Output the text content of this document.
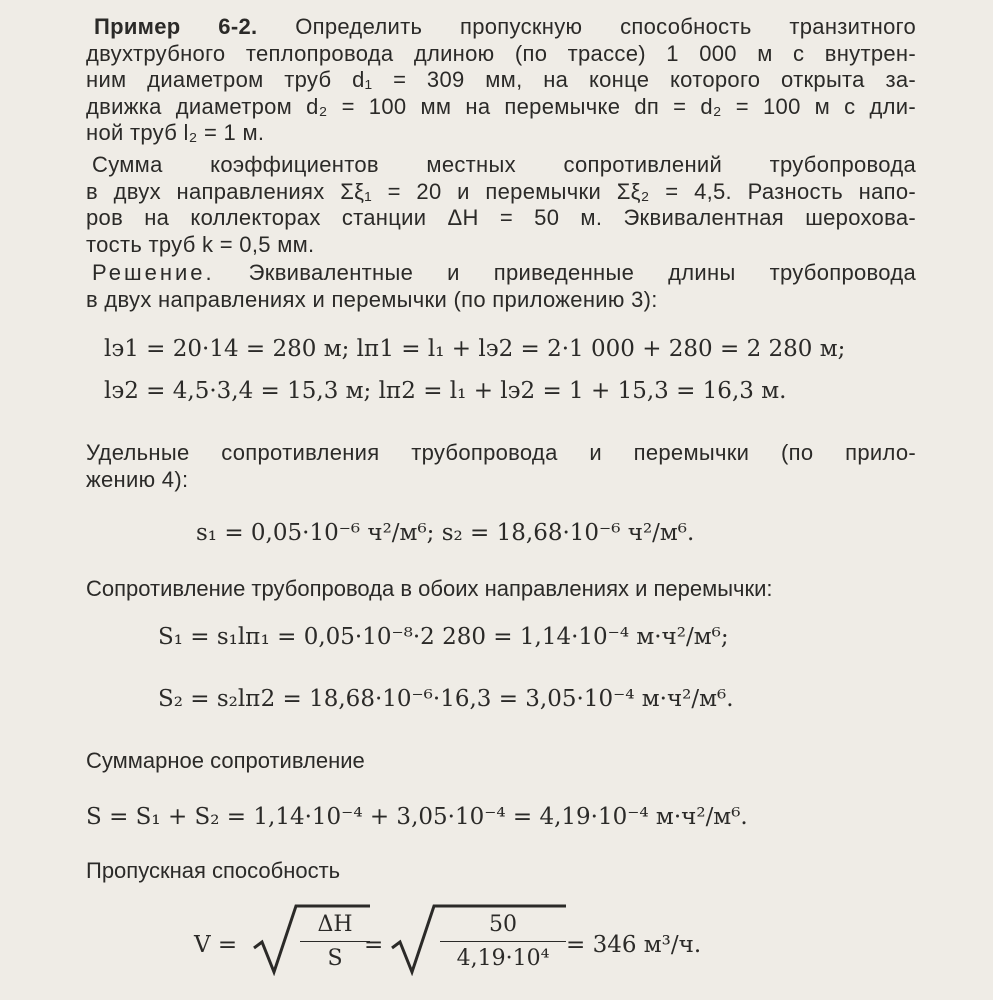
Пример 6-2. Определить пропускную способность транзитного
двухтрубного теплопровода длиною (по трассе) 1 000 м с внутрен-
ним диаметром труб d₁ = 309 мм, на конце которого открыта за-
движка диаметром d₂ = 100 мм на перемычке dп = d₂ = 100 м с дли-
ной труб l₂ = 1 м.
Сумма коэффициентов местных сопротивлений трубопровода
в двух направлениях Σξ₁ = 20 и перемычки Σξ₂ = 4,5. Разность напо-
ров на коллекторах станции ΔH = 50 м. Эквивалентная шерохова-
тость труб k = 0,5 мм.
Решение. Эквивалентные и приведенные длины трубопровода
в двух направлениях и перемычки (по приложению 3):
lэ1 = 20·14 = 280 м; lп1 = l₁ + lэ2 = 2·1 000 + 280 = 2 280 м;
lэ2 = 4,5·3,4 = 15,3 м; lп2 = l₁ + lэ2 = 1 + 15,3 = 16,3 м.
Удельные сопротивления трубопровода и перемычки (по прило-
жению 4):
s₁ = 0,05·10⁻⁶ ч²/м⁶; s₂ = 18,68·10⁻⁶ ч²/м⁶.
Сопротивление трубопровода в обоих направлениях и перемычки:
S₁ = s₁lп₁ = 0,05·10⁻⁸·2 280 = 1,14·10⁻⁴ м·ч²/м⁶;
S₂ = s₂lп2 = 18,68·10⁻⁶·16,3 = 3,05·10⁻⁴ м·ч²/м⁶.
Суммарное сопротивление
S = S₁ + S₂ = 1,14·10⁻⁴ + 3,05·10⁻⁴ = 4,19·10⁻⁴ м·ч²/м⁶.
Пропускная способность
V =	$\frac{\Delta H}{S}$
=	$\frac{50}{\text{4,19·10⁴}} = 346$ м³/ч.
